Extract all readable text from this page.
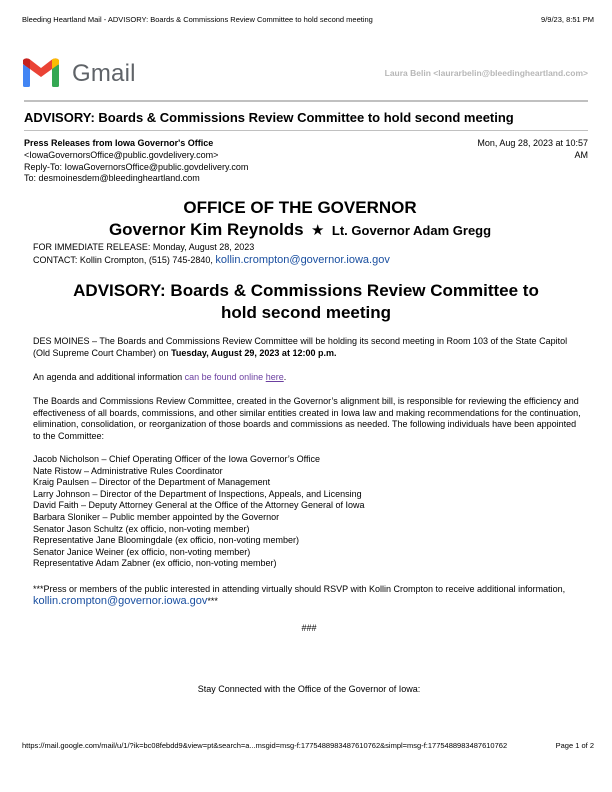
Bleeding Heartland Mail - ADVISORY: Boards & Commissions Review Committee to hold second meeting	9/9/23, 8:51 PM
Gmail	Laura Belin <laurarbelin@bleedingheartland.com>
ADVISORY: Boards & Commissions Review Committee to hold second meeting
Press Releases from Iowa Governor's Office
<IowaGovernorsOffice@public.govdelivery.com>
Reply-To: IowaGovernorsOffice@public.govdelivery.com
To: desmoinesdem@bleedingheartland.com
Mon, Aug 28, 2023 at 10:57
AM
OFFICE OF THE GOVERNOR
Governor Kim Reynolds ★ Lt. Governor Adam Gregg
FOR IMMEDIATE RELEASE: Monday, August 28, 2023
CONTACT: Kollin Crompton, (515) 745-2840, kollin.crompton@governor.iowa.gov
ADVISORY: Boards & Commissions Review Committee to
hold second meeting
DES MOINES – The Boards and Commissions Review Committee will be holding its second meeting in Room 103 of the State Capitol (Old Supreme Court Chamber) on Tuesday, August 29, 2023 at 12:00 p.m.
An agenda and additional information can be found online here.
The Boards and Commissions Review Committee, created in the Governor’s alignment bill, is responsible for reviewing the efficiency and effectiveness of all boards, commissions, and other similar entities created in Iowa law and making recommendations for the continuation, elimination, consolidation, or reorganization of those boards and commissions as needed. The following individuals have been appointed to the Committee:
Jacob Nicholson – Chief Operating Officer of the Iowa Governor’s Office
Nate Ristow – Administrative Rules Coordinator
Kraig Paulsen – Director of the Department of Management
Larry Johnson – Director of the Department of Inspections, Appeals, and Licensing
David Faith – Deputy Attorney General at the Office of the Attorney General of Iowa
Barbara Sloniker – Public member appointed by the Governor
Senator Jason Schultz (ex officio, non-voting member)
Representative Jane Bloomingdale (ex officio, non-voting member)
Senator Janice Weiner (ex officio, non-voting member)
Representative Adam Zabner (ex officio, non-voting member)
***Press or members of the public interested in attending virtually should RSVP with Kollin Crompton to receive additional information, kollin.crompton@governor.iowa.gov***
###
Stay Connected with the Office of the Governor of Iowa:
https://mail.google.com/mail/u/1/?ik=bc08febdd9&view=pt&search=a...msgid=msg-f:1775488983487610762&simpl=msg-f:1775488983487610762	Page 1 of 2
